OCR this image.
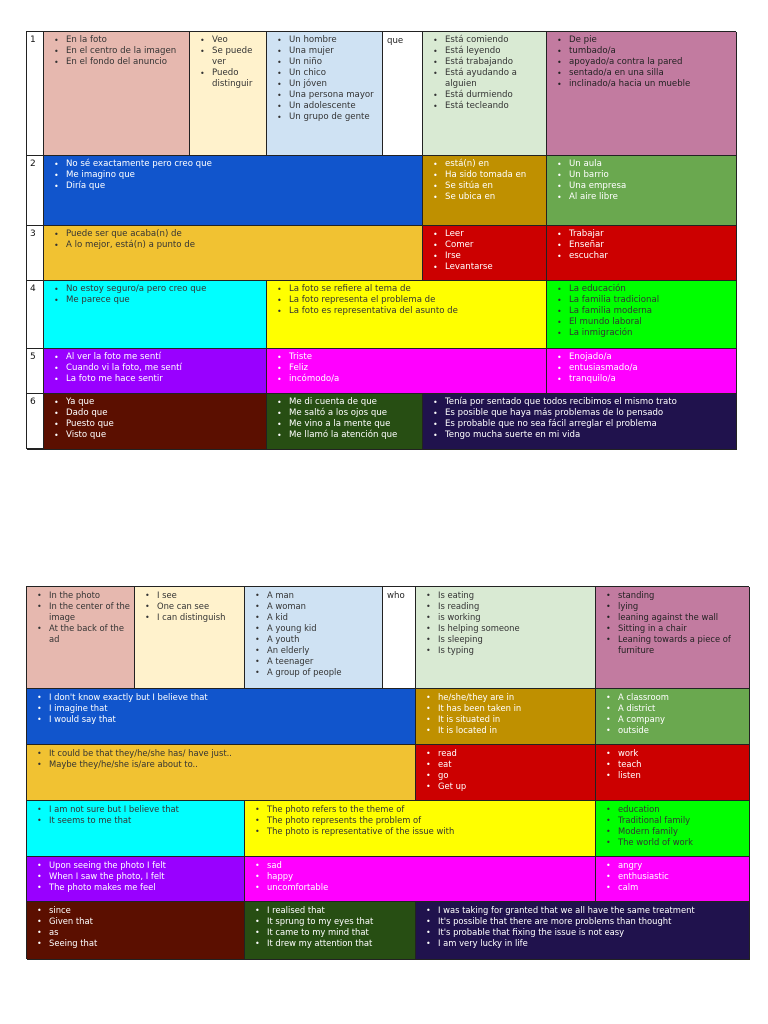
1
2
3
4
5
6
• En la foto
• En el centro de la imagen
• En el fondo del anuncio
• Veo
• Se puede ver
• Puedo distinguir
• Un hombre
• Una mujer
• Un niño
• Un chico
• Un jóven
• Una persona mayor
• Un adolescente
• Un grupo de gente
que	• Está comiendo
• Está leyendo
• Está trabajando
• Está ayudando a alguien
• Está durmiendo
• Está tecleando
• De pie
• tumbado/a
• apoyado/a contra la pared
• sentado/a en una silla
• inclinado/a hacia un mueble
• No sé exactamente pero creo que
• Me imagino que
• Diría que
• está(n) en
• Ha sido tomada en
• Se sitúa en
• Se ubica en
• Un aula
• Un barrio
• Una empresa
• Al aire libre
• Puede ser que acaba(n) de
• A lo mejor, está(n) a punto de
• Leer
• Comer
• Irse
• Levantarse
• Trabajar
• Enseñar
• escuchar
• No estoy seguro/a pero creo que
• Me parece que
• La foto se refiere al tema de
• La foto representa el problema de
• La foto es representativa del asunto de
• La educación
• La familia tradicional
• La familia moderna
• El mundo laboral
• La inmigración
• Al ver la foto me sentí
• Cuando vi la foto, me sentí
• La foto me hace sentir
• Triste
• Feliz
• incómodo/a
• Enojado/a
• entusiasmado/a
• tranquilo/a
• Ya que
• Dado que
• Puesto que
• Visto que
• Me di cuenta de que
• Me saltó a los ojos que
• Me vino a la mente que
• Me llamó la atención que
• Tenía por sentado que todos recibimos el mismo trato
• Es posible que haya más problemas de lo pensado
• Es probable que no sea fácil arreglar el problema
• Tengo mucha suerte en mi vida
• In the photo
• In the center of the image
• At the back of the ad
• I see
• One can see
• I can distinguish
• A man
• A woman
• A kid
• A young kid
• A youth
• An elderly
• A teenager
• A group of people
who	• Is eating
• Is reading
• is working
• Is helping someone
• Is sleeping
• Is typing
• standing
• lying
• leaning against the wall
• Sitting in a chair
• Leaning towards a piece of furniture
• I don't know exactly but I believe that
• I imagine that
• I would say that
• he/she/they are in
• It has been taken in
• It is situated in
• It is located in
• A classroom
• A district
• A company
• outside
• It could be that they/he/she has/ have just..
• Maybe they/he/she is/are about to..
• read
• eat
• go
• Get up
• work
• teach
• listen
• I am not sure but I believe that
• It seems to me that
• The photo refers to the theme of
• The photo represents the problem of
• The photo is representative of the issue with
• education
• Traditional family
• Modern family
• The world of work
• Upon seeing the photo I felt
• When I saw the photo, I felt
• The photo makes me feel
• sad
• happy
• uncomfortable
• angry
• enthusiastic
• calm
• since
• Given that
• as
• Seeing that
• I realised that
• It sprung to my eyes that
• It came to my mind that
• It drew my attention that
• I was taking for granted that we all have the same treatment
• It's possible that there are more problems than thought
• It's probable that fixing the issue is not easy
• I am very lucky in life
